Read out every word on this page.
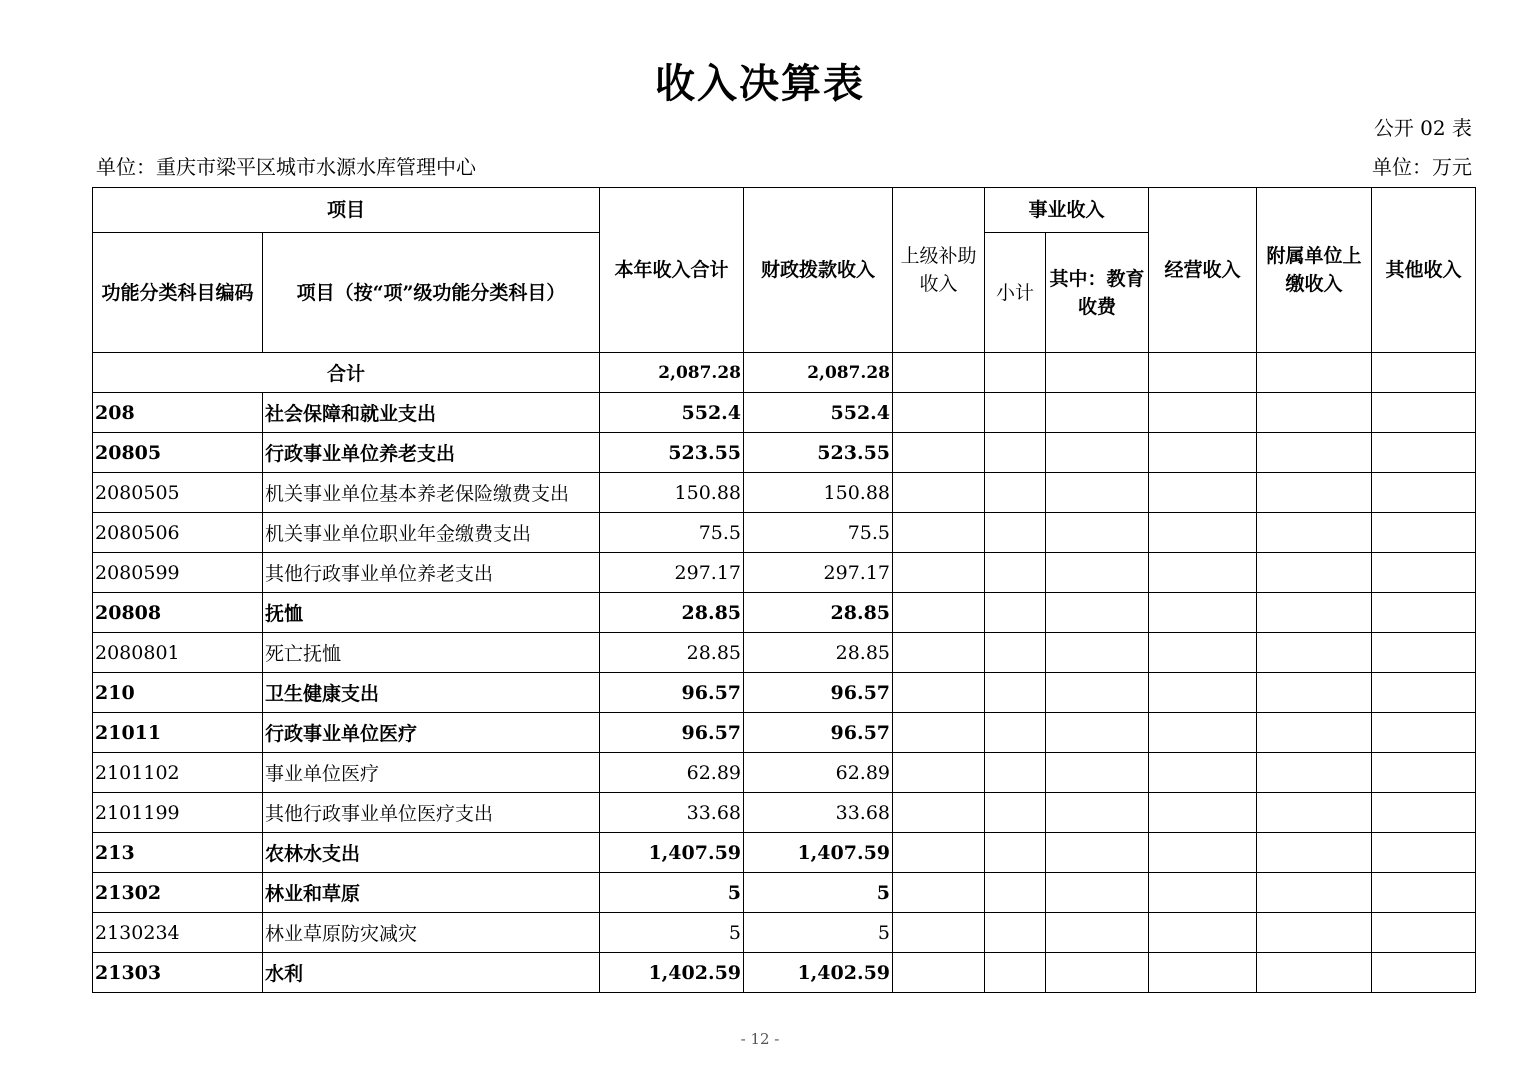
收入决算表
公开 02 表
单位：重庆市梁平区城市水源水库管理中心	单位：万元
项目		本年收入合计	财政拨款收入	上级补助收入	事业收入		经营收入	附属单位上缴收入	其他收入
功能分类科目编码	项目（按“项”级功能分类科目）				小计	其中：教育收费			
合计		2,087.28	2,087.28						
208	社会保障和就业支出	552.4	552.4						
20805	行政事业单位养老支出	523.55	523.55						
2080505	机关事业单位基本养老保险缴费支出	150.88	150.88						
2080506	机关事业单位职业年金缴费支出	75.5	75.5						
2080599	其他行政事业单位养老支出	297.17	297.17						
20808	抚恤	28.85	28.85						
2080801	死亡抚恤	28.85	28.85						
210	卫生健康支出	96.57	96.57						
21011	行政事业单位医疗	96.57	96.57						
2101102	事业单位医疗	62.89	62.89						
2101199	其他行政事业单位医疗支出	33.68	33.68						
213	农林水支出	1,407.59	1,407.59						
21302	林业和草原	5	5						
2130234	林业草原防灾减灾	5	5						
21303	水利	1,402.59	1,402.59						
- 12 -
